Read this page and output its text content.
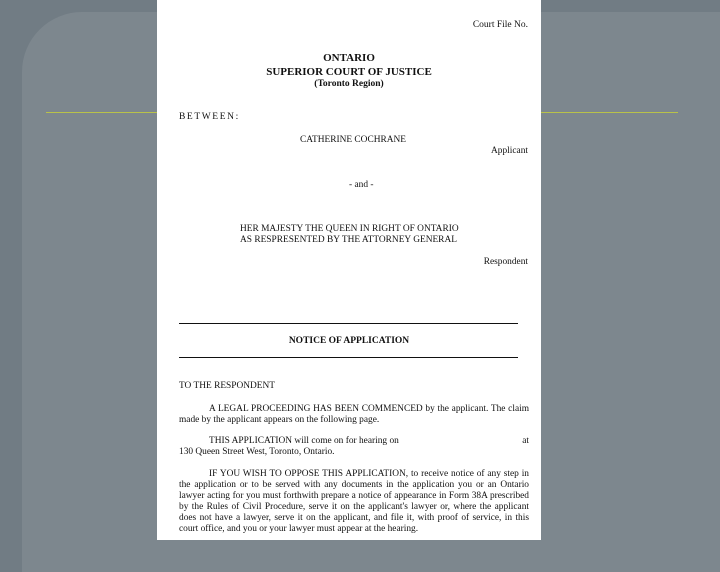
Court File No.
ONTARIO
SUPERIOR COURT OF JUSTICE
(Toronto Region)
BETWEEN:
CATHERINE COCHRANE
Applicant
- and -
HER MAJESTY THE QUEEN IN RIGHT OF ONTARIO
AS RESPRESENTED BY THE ATTORNEY GENERAL
Respondent
NOTICE OF APPLICATION
TO THE RESPONDENT
A LEGAL PROCEEDING HAS BEEN COMMENCED by the applicant. The claim made by the applicant appears on the following page.
THIS APPLICATION will come on for hearing on	at
130 Queen Street West, Toronto, Ontario.
IF YOU WISH TO OPPOSE THIS APPLICATION, to receive notice of any step in the application or to be served with any documents in the application you or an Ontario lawyer acting for you must forthwith prepare a notice of appearance in Form 38A prescribed by the Rules of Civil Procedure, serve it on the applicant's lawyer or, where the applicant does not have a lawyer, serve it on the applicant, and file it, with proof of service, in this court office, and you or your lawyer must appear at the hearing.
